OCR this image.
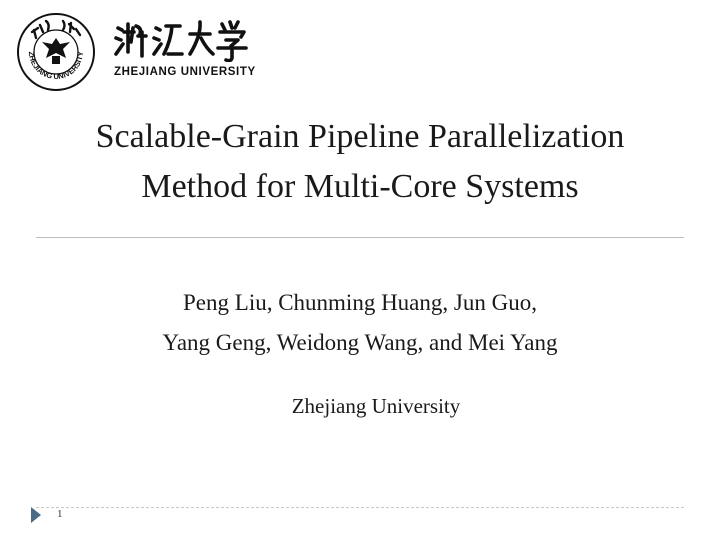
ZHEJIANG UNIVERSITY
ZHEJIANG UNIVERSITY
Scalable-Grain Pipeline Parallelization
Method for Multi-Core Systems
Peng Liu, Chunming Huang, Jun Guo,
Yang Geng, Weidong Wang, and Mei Yang
Zhejiang University
1
